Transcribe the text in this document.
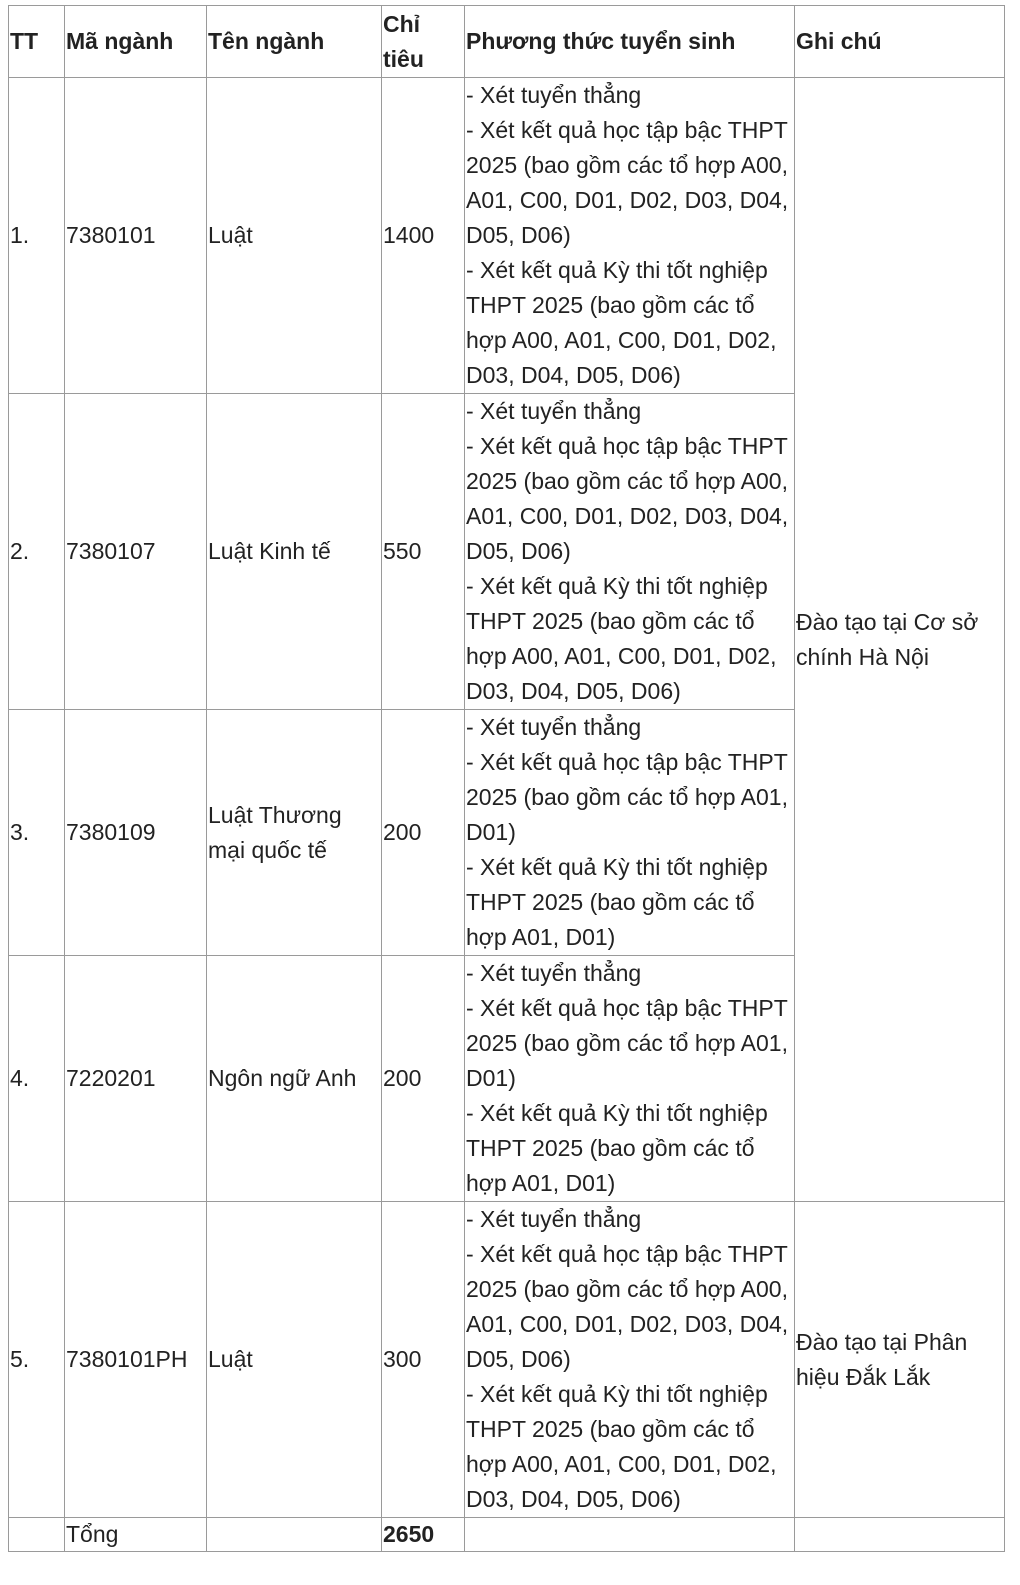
TT	Mã ngành	Tên ngành	Chỉ tiêu	Phương thức tuyển sinh	Ghi chú
1.	7380101	Luật	1400	- Xét tuyển thẳng
- Xét kết quả học tập bậc THPT 2025 (bao gồm các tổ hợp A00, A01, C00, D01, D02, D03, D04, D05, D06)
- Xét kết quả Kỳ thi tốt nghiệp THPT 2025 (bao gồm các tổ hợp A00, A01, C00, D01, D02, D03, D04, D05, D06)	Đào tạo tại Cơ sở chính Hà Nội
2.	7380107	Luật Kinh tế	550	- Xét tuyển thẳng
- Xét kết quả học tập bậc THPT 2025 (bao gồm các tổ hợp A00, A01, C00, D01, D02, D03, D04, D05, D06)
- Xét kết quả Kỳ thi tốt nghiệp THPT 2025 (bao gồm các tổ hợp A00, A01, C00, D01, D02, D03, D04, D05, D06)	

3.	7380109	Luật Thương mại quốc tế	200	- Xét tuyển thẳng
- Xét kết quả học tập bậc THPT 2025 (bao gồm các tổ hợp A01, D01)
- Xét kết quả Kỳ thi tốt nghiệp THPT 2025 (bao gồm các tổ hợp A01, D01)	

4.	7220201	Ngôn ngữ Anh	200	- Xét tuyển thẳng
- Xét kết quả học tập bậc THPT 2025 (bao gồm các tổ hợp A01, D01)
- Xét kết quả Kỳ thi tốt nghiệp THPT 2025 (bao gồm các tổ hợp A01, D01)	

5.	7380101PH	Luật	300	- Xét tuyển thẳng
- Xét kết quả học tập bậc THPT 2025 (bao gồm các tổ hợp A00, A01, C00, D01, D02, D03, D04, D05, D06)
- Xét kết quả Kỳ thi tốt nghiệp THPT 2025 (bao gồm các tổ hợp A00, A01, C00, D01, D02, D03, D04, D05, D06)	Đào tạo tại Phân hiệu Đắk Lắk
	Tổng		2650		
